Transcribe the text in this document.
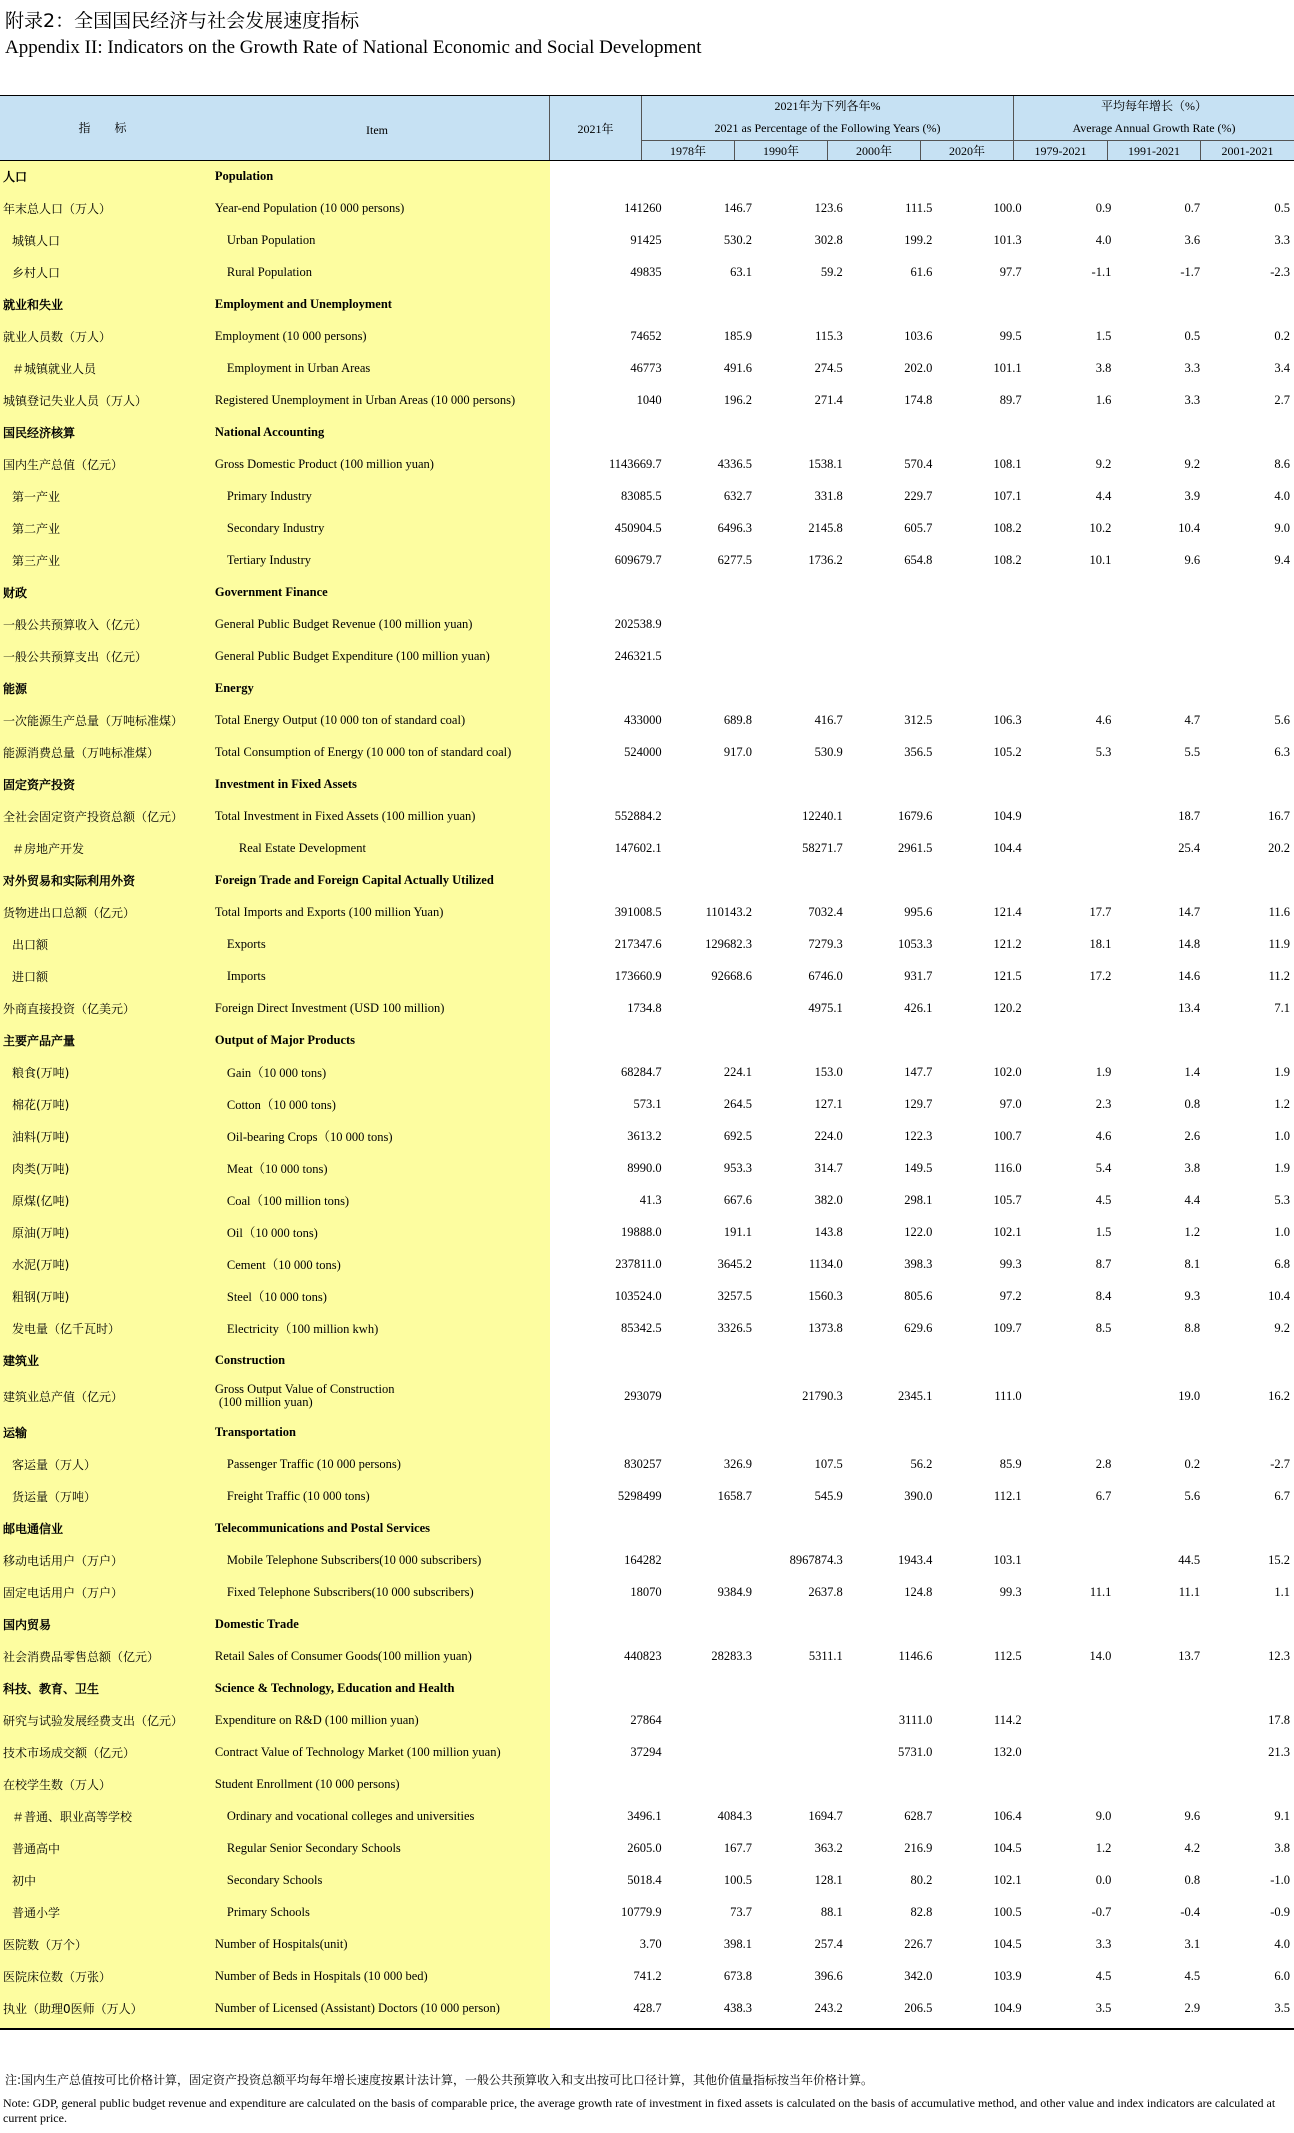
附录2：全国国民经济与社会发展速度指标
Appendix II: Indicators on the Growth Rate of National Economic and Social Development
指　　标	Item	2021年
2021年为下列各年%
2021 as Percentage of the Following Years (%)
平均每年增长（%）
Average Annual Growth Rate (%)
1978年	1990年	2000年	2020年	1979-2021	1991-2021	2001-2021
人口	Population								
年末总人口（万人）	Year-end Population (10 000 persons)	141260	146.7	123.6	111.5	100.0	0.9	0.7	0.5
城镇人口	Urban Population	91425	530.2	302.8	199.2	101.3	4.0	3.6	3.3
乡村人口	Rural Population	49835	63.1	59.2	61.6	97.7	-1.1	-1.7	-2.3
就业和失业	Employment and Unemployment								
就业人员数（万人）	Employment (10 000 persons)	74652	185.9	115.3	103.6	99.5	1.5	0.5	0.2
＃城镇就业人员	Employment in Urban Areas	46773	491.6	274.5	202.0	101.1	3.8	3.3	3.4
城镇登记失业人员（万人）	Registered Unemployment in Urban Areas (10 000 persons)	1040	196.2	271.4	174.8	89.7	1.6	3.3	2.7
国民经济核算	National Accounting								
国内生产总值（亿元）	Gross Domestic Product (100 million yuan)	1143669.7	4336.5	1538.1	570.4	108.1	9.2	9.2	8.6
第一产业	Primary Industry	83085.5	632.7	331.8	229.7	107.1	4.4	3.9	4.0
第二产业	Secondary Industry	450904.5	6496.3	2145.8	605.7	108.2	10.2	10.4	9.0
第三产业	Tertiary Industry	609679.7	6277.5	1736.2	654.8	108.2	10.1	9.6	9.4
财政	Government Finance								
一般公共预算收入（亿元）	General Public Budget Revenue (100 million yuan)	202538.9							
一般公共预算支出（亿元）	General Public Budget Expenditure (100 million yuan)	246321.5							
能源	Energy								
一次能源生产总量（万吨标准煤）	Total Energy Output (10 000 ton of standard coal)	433000	689.8	416.7	312.5	106.3	4.6	4.7	5.6
能源消费总量（万吨标准煤）	Total Consumption of Energy (10 000 ton of standard coal)	524000	917.0	530.9	356.5	105.2	5.3	5.5	6.3
固定资产投资	Investment in Fixed Assets								
全社会固定资产投资总额（亿元）	Total Investment in Fixed Assets (100 million yuan)	552884.2		12240.1	1679.6	104.9		18.7	16.7
＃房地产开发	Real Estate Development	147602.1		58271.7	2961.5	104.4		25.4	20.2
对外贸易和实际利用外资	Foreign Trade and Foreign Capital Actually Utilized								
货物进出口总额（亿元）	Total Imports and Exports (100 million Yuan)	391008.5	110143.2	7032.4	995.6	121.4	17.7	14.7	11.6
出口额	Exports	217347.6	129682.3	7279.3	1053.3	121.2	18.1	14.8	11.9
进口额	Imports	173660.9	92668.6	6746.0	931.7	121.5	17.2	14.6	11.2
外商直接投资（亿美元）	Foreign Direct Investment (USD 100 million)	1734.8		4975.1	426.1	120.2		13.4	7.1
主要产品产量	Output of Major Products								
粮食(万吨)	Gain（10 000 tons)	68284.7	224.1	153.0	147.7	102.0	1.9	1.4	1.9
棉花(万吨)	Cotton（10 000 tons)	573.1	264.5	127.1	129.7	97.0	2.3	0.8	1.2
油料(万吨)	Oil-bearing Crops（10 000 tons)	3613.2	692.5	224.0	122.3	100.7	4.6	2.6	1.0
肉类(万吨)	Meat（10 000 tons)	8990.0	953.3	314.7	149.5	116.0	5.4	3.8	1.9
原煤(亿吨)	Coal（100 million tons)	41.3	667.6	382.0	298.1	105.7	4.5	4.4	5.3
原油(万吨)	Oil（10 000 tons)	19888.0	191.1	143.8	122.0	102.1	1.5	1.2	1.0
水泥(万吨)	Cement（10 000 tons)	237811.0	3645.2	1134.0	398.3	99.3	8.7	8.1	6.8
粗钢(万吨)	Steel（10 000 tons)	103524.0	3257.5	1560.3	805.6	97.2	8.4	9.3	10.4
发电量（亿千瓦时）	Electricity（100 million kwh)	85342.5	3326.5	1373.8	629.6	109.7	8.5	8.8	9.2
建筑业	Construction								
建筑业总产值（亿元）	Gross Output Value of Construction
(100 million yuan)	293079		21790.3	2345.1	111.0		19.0	16.2
运输	Transportation								
客运量（万人）	Passenger Traffic (10 000 persons)	830257	326.9	107.5	56.2	85.9	2.8	0.2	-2.7
货运量（万吨）	Freight Traffic (10 000 tons)	5298499	1658.7	545.9	390.0	112.1	6.7	5.6	6.7
邮电通信业	Telecommunications and Postal Services								
移动电话用户（万户）	Mobile Telephone Subscribers(10 000 subscribers)	164282		8967874.3	1943.4	103.1		44.5	15.2
固定电话用户（万户）	Fixed Telephone Subscribers(10 000 subscribers)	18070	9384.9	2637.8	124.8	99.3	11.1	11.1	1.1
国内贸易	Domestic Trade								
社会消费品零售总额（亿元）	Retail Sales of Consumer Goods(100 million yuan)	440823	28283.3	5311.1	1146.6	112.5	14.0	13.7	12.3
科技、教育、卫生	Science & Technology, Education and Health								
研究与试验发展经费支出（亿元）	Expenditure on R&D (100 million yuan)	27864			3111.0	114.2			17.8
技术市场成交额（亿元）	Contract Value of Technology Market (100 million yuan)	37294			5731.0	132.0			21.3
在校学生数（万人）	Student Enrollment (10 000 persons)								
＃普通、职业高等学校	Ordinary and vocational colleges and universities	3496.1	4084.3	1694.7	628.7	106.4	9.0	9.6	9.1
普通高中	Regular Senior Secondary Schools	2605.0	167.7	363.2	216.9	104.5	1.2	4.2	3.8
初中	Secondary Schools	5018.4	100.5	128.1	80.2	102.1	0.0	0.8	-1.0
普通小学	Primary Schools	10779.9	73.7	88.1	82.8	100.5	-0.7	-0.4	-0.9
医院数（万个）	Number of Hospitals(unit)	3.70	398.1	257.4	226.7	104.5	3.3	3.1	4.0
医院床位数（万张）	Number of Beds in Hospitals (10 000 bed)	741.2	673.8	396.6	342.0	103.9	4.5	4.5	6.0
执业（助理0医师（万人）	Number of Licensed (Assistant) Doctors (10 000 person)	428.7	438.3	243.2	206.5	104.9	3.5	2.9	3.5
注:国内生产总值按可比价格计算，固定资产投资总额平均每年增长速度按累计法计算，一般公共预算收入和支出按可比口径计算，其他价值量指标按当年价格计算。
Note: GDP, general public budget revenue and expenditure are calculated on the basis of comparable price, the average growth rate of investment in fixed assets is calculated on the basis of accumulative method, and other value and index indicators are calculated at current price.
